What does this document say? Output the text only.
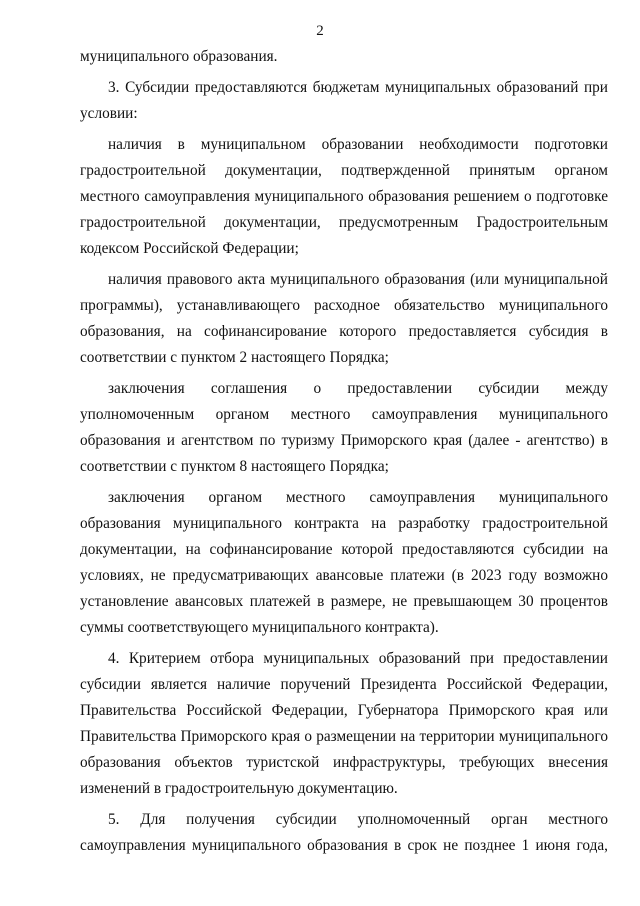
2

муниципального образования.

3. Субсидии предоставляются бюджетам муниципальных образований при условии:

наличия в муниципальном образовании необходимости подготовки градостроительной документации, подтвержденной принятым органом местного самоуправления муниципального образования решением о подготовке градостроительной документации, предусмотренным Градостроительным кодексом Российской Федерации;

наличия правового акта муниципального образования (или муниципальной программы), устанавливающего расходное обязательство муниципального образования, на софинансирование которого предоставляется субсидия в соответствии с пунктом 2 настоящего Порядка;

заключения соглашения о предоставлении субсидии между уполномоченным органом местного самоуправления муниципального образования и агентством по туризму Приморского края (далее - агентство) в соответствии с пунктом 8 настоящего Порядка;

заключения органом местного самоуправления муниципального образования муниципального контракта на разработку градостроительной документации, на софинансирование которой предоставляются субсидии на условиях, не предусматривающих авансовые платежи (в 2023 году возможно установление авансовых платежей в размере, не превышающем 30 процентов суммы соответствующего муниципального контракта).

4. Критерием отбора муниципальных образований при предоставлении субсидии является наличие поручений Президента Российской Федерации, Правительства Российской Федерации, Губернатора Приморского края или Правительства Приморского края о размещении на территории муниципального образования объектов туристской инфраструктуры, требующих внесения изменений в градостроительную документацию.

5. Для получения субсидии уполномоченный орган местного самоуправления муниципального образования в срок не позднее 1 июня года,
